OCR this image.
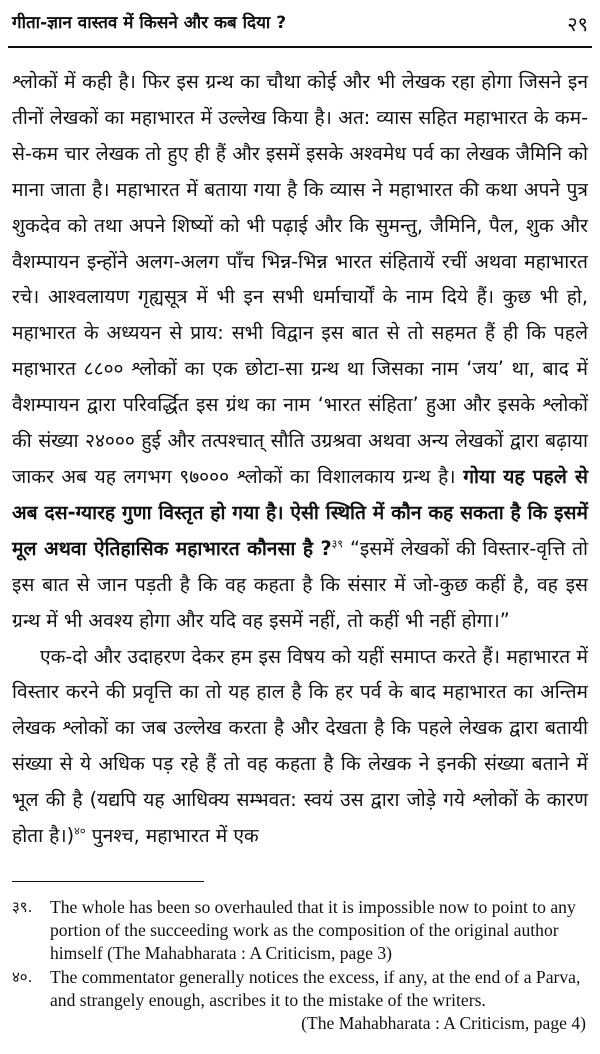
गीता-ज्ञान वास्तव में किसने और कब दिया ?	२९

श्लोकों में कही है। फिर इस ग्रन्थ का चौथा कोई और भी लेखक रहा होगा जिसने इन तीनों लेखकों का महाभारत में उल्लेख किया है। अत: व्यास सहित महाभारत के कम-से-कम चार लेखक तो हुए ही हैं और इसमें इसके अश्वमेध पर्व का लेखक जैमिनि को माना जाता है। महाभारत में बताया गया है कि व्यास ने महाभारत की कथा अपने पुत्र शुकदेव को तथा अपने शिष्यों को भी पढ़ाई और कि सुमन्तु, जैमिनि, पैल, शुक और वैशम्पायन इन्होंने अलग-अलग पाँच भिन्न-भिन्न भारत संहितायें रचीं अथवा महाभारत रचे। आश्वलायण गृह्यसूत्र में भी इन सभी धर्माचार्यों के नाम दिये हैं। कुछ भी हो, महाभारत के अध्ययन से प्राय: सभी विद्वान इस बात से तो सहमत हैं ही कि पहले महाभारत ८८०० श्लोकों का एक छोटा-सा ग्रन्थ था जिसका नाम ‘जय’ था, बाद में वैशम्पायन द्वारा परिवर्द्धित इस ग्रंथ का नाम ‘भारत संहिता’ हुआ और इसके श्लोकों की संख्या २४००० हुई और तत्पश्चात् सौति उग्रश्रवा अथवा अन्य लेखकों द्वारा बढ़ाया जाकर अब यह लगभग ९७००० श्लोकों का विशालकाय ग्रन्थ है। गोया यह पहले से अब दस-ग्यारह गुणा विस्तृत हो गया है। ऐसी स्थिति में कौन कह सकता है कि इसमें मूल अथवा ऐतिहासिक महाभारत कौनसा है ?$^{३९}$ “इसमें लेखकों की विस्तार-वृत्ति तो इस बात से जान पड़ती है कि वह कहता है कि संसार में जो-कुछ कहीं है, वह इस ग्रन्थ में भी अवश्य होगा और यदि वह इसमें नहीं, तो कहीं भी नहीं होगा।”

एक-दो और उदाहरण देकर हम इस विषय को यहीं समाप्त करते हैं। महाभारत में विस्तार करने की प्रवृत्ति का तो यह हाल है कि हर पर्व के बाद महाभारत का अन्तिम लेखक श्लोकों का जब उल्लेख करता है और देखता है कि पहले लेखक द्वारा बतायी संख्या से ये अधिक पड़ रहे हैं तो वह कहता है कि लेखक ने इनकी संख्या बताने में भूल की है (यद्यपि यह आधिक्य सम्भवत: स्वयं उस द्वारा जोड़े गये श्लोकों के कारण होता है।)$^{४०}$ पुनश्च, महाभारत में एक

३९. The whole has been so overhauled that it is impossible now to point to any portion of the succeeding work as the composition of the original author himself (The Mahabharata : A Criticism, page 3)
४०. The commentator generally notices the excess, if any, at the end of a Parva, and strangely enough, ascribes it to the mistake of the writers.
(The Mahabharata : A Criticism, page 4)
